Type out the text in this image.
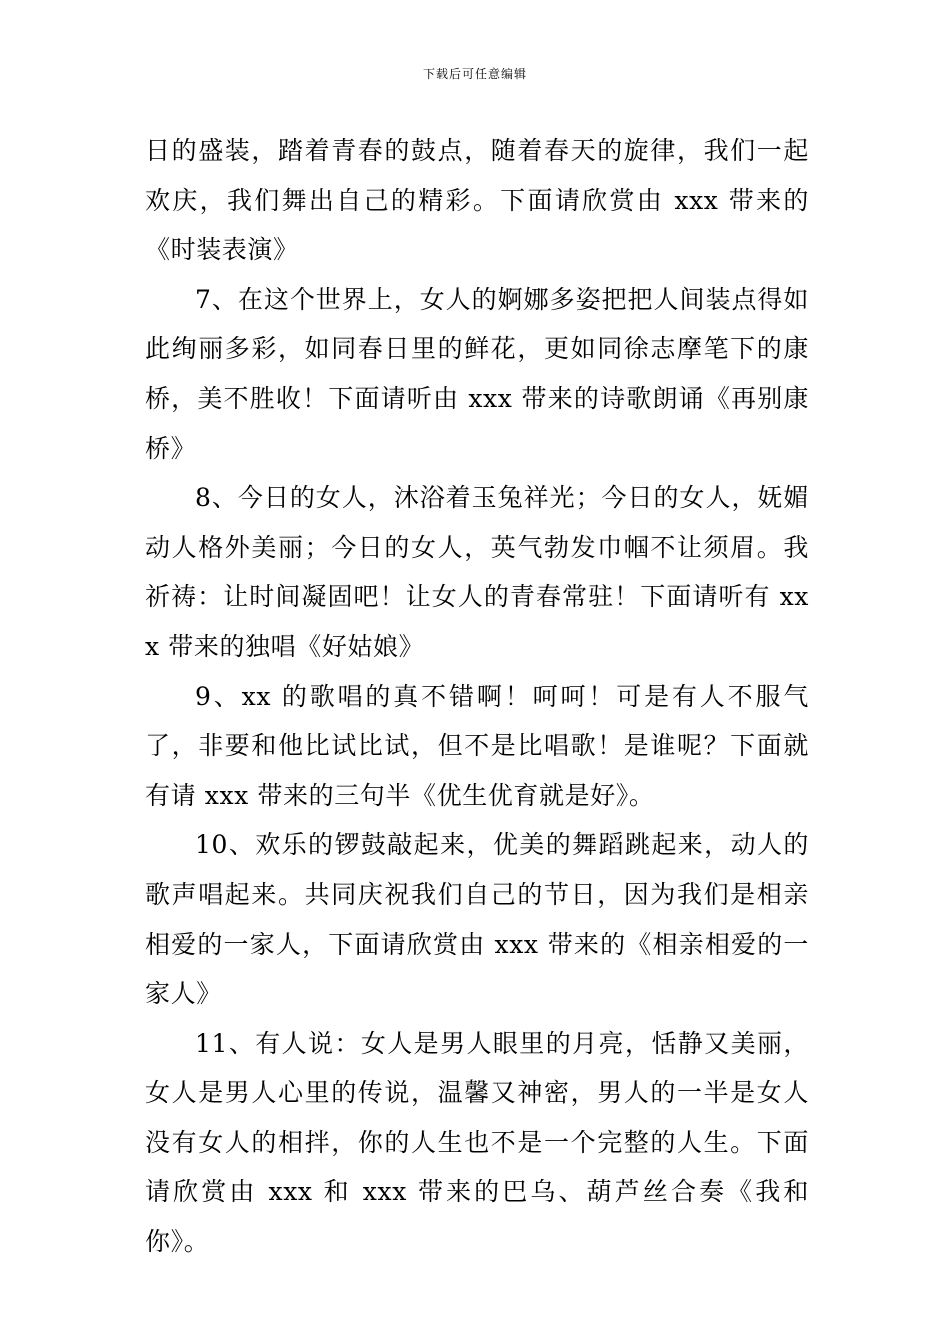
下载后可任意编辑

日的盛装，踏着青春的鼓点，随着春天的旋律，我们一起欢庆，我们舞出自己的精彩。下面请欣赏由 xxx 带来的《时装表演》

7、在这个世界上，女人的婀娜多姿把把人间装点得如此绚丽多彩，如同春日里的鲜花，更如同徐志摩笔下的康桥，美不胜收！下面请听由 xxx 带来的诗歌朗诵《再别康桥》

8、今日的女人，沐浴着玉兔祥光；今日的女人，妩媚动人格外美丽；今日的女人，英气勃发巾帼不让须眉。我祈祷：让时间凝固吧！让女人的青春常驻！下面请听有 xxx 带来的独唱《好姑娘》

9、xx 的歌唱的真不错啊！呵呵！可是有人不服气了，非要和他比试比试，但不是比唱歌！是谁呢？下面就有请 xxx 带来的三句半《优生优育就是好》。

10、欢乐的锣鼓敲起来，优美的舞蹈跳起来，动人的歌声唱起来。共同庆祝我们自己的节日，因为我们是相亲相爱的一家人，下面请欣赏由 xxx 带来的《相亲相爱的一家人》

11、有人说：女人是男人眼里的月亮，恬静又美丽，女人是男人心里的传说，温馨又神密，男人的一半是女人没有女人的相拌，你的人生也不是一个完整的人生。下面请欣赏由 xxx 和 xxx 带来的巴乌、葫芦丝合奏《我和你》。
